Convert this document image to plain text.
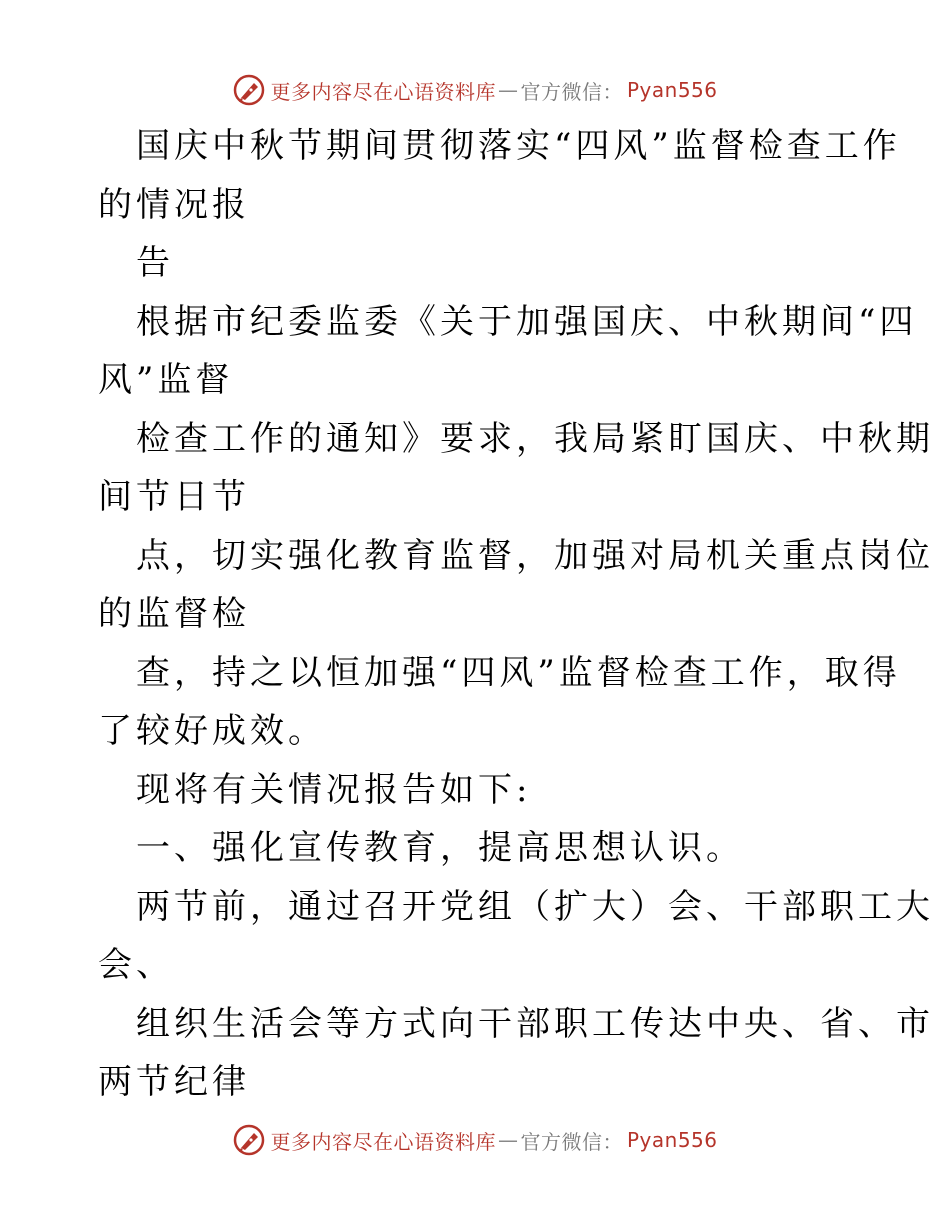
更多内容尽在心语资料库 — 官方微信： Pyan556
国庆中秋节期间贯彻落实“四风”监督检查工作
的情况报
告
根据市纪委监委《关于加强国庆、中秋期间“四
风”监督
检查工作的通知》要求，我局紧盯国庆、中秋期
间节日节
点，切实强化教育监督，加强对局机关重点岗位
的监督检
查，持之以恒加强“四风”监督检查工作，取得
了较好成效。
现将有关情况报告如下:
一、强化宣传教育，提高思想认识。
两节前，通过召开党组（扩大）会、干部职工大
会、
组织生活会等方式向干部职工传达中央、省、市
两节纪律
更多内容尽在心语资料库 — 官方微信： Pyan556
